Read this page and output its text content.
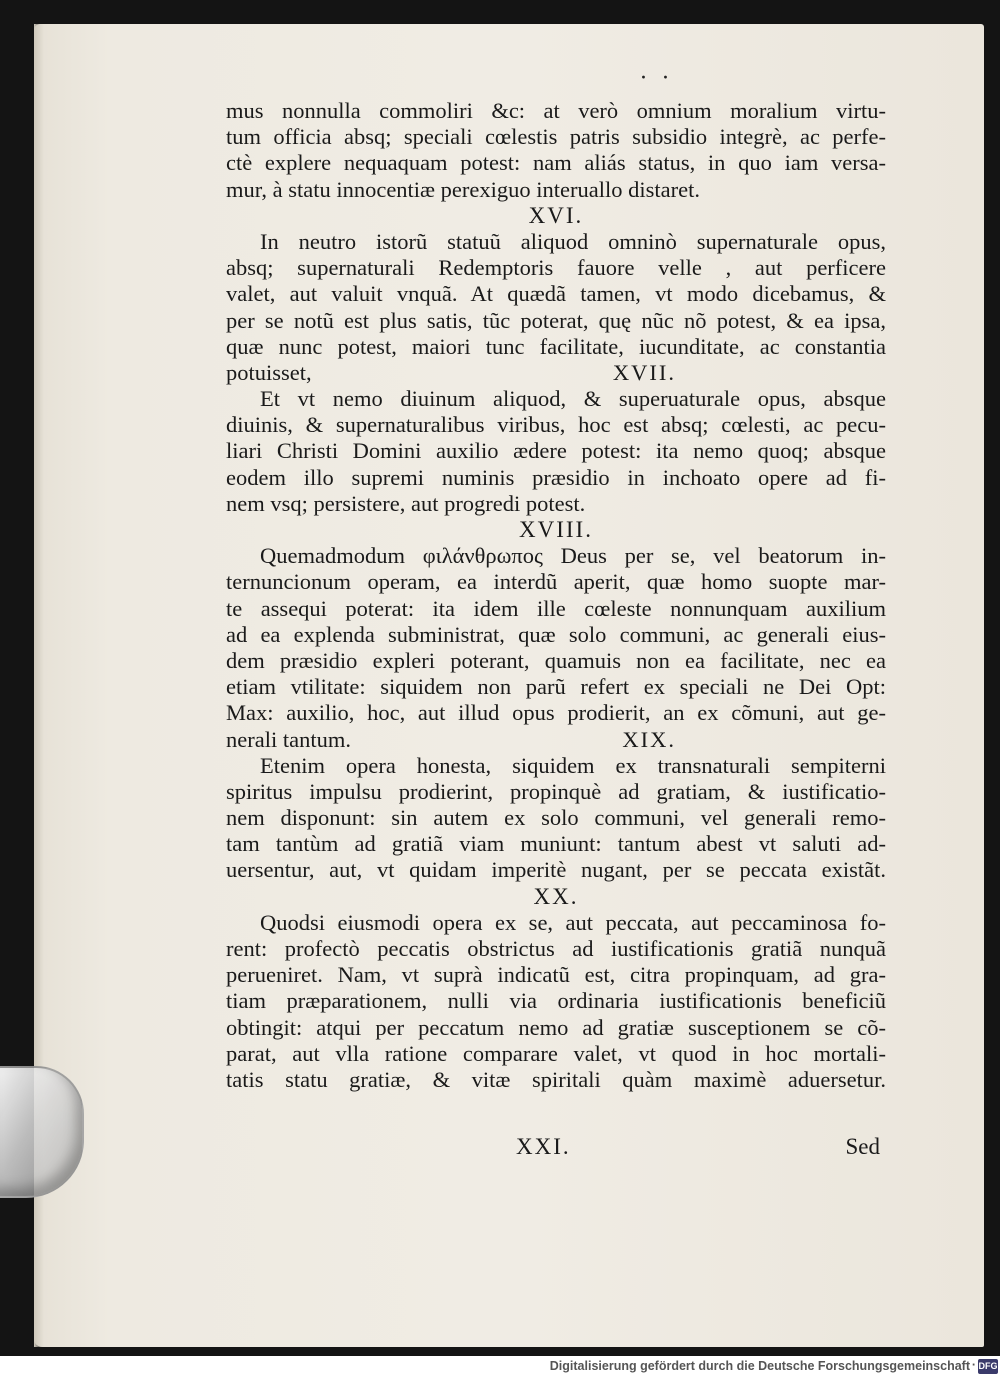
· ·
mus nonnulla commoliri &c: at verò omnium moralium virtu-
tum officia absq; speciali cœlestis patris subsidio integrè, ac perfe-
ctè explere nequaquam potest: nam aliás status, in quo iam versa-
mur, à statu innocentiæ perexiguo interuallo distaret.
XVI.
In neutro istorũ statuũ aliquod omninò supernaturale opus,
absq; supernaturali Redemptoris fauore velle , aut perficere
valet, aut valuit vnquã. At quædã tamen, vt modo dicebamus, &
per se notũ est plus satis, tũc poterat, quę nũc nõ potest, & ea ipsa,
quæ nunc potest, maiori tunc facilitate, iucunditate, ac constantia
potuisset,	XVII.
Et vt nemo diuinum aliquod, & superuaturale opus, absque
diuinis, & supernaturalibus viribus, hoc est absq; cœlesti, ac pecu-
liari Christi Domini auxilio ædere potest: ita nemo quoq; absque
eodem illo supremi numinis præsidio in inchoato opere ad fi-
nem vsq; persistere, aut progredi potest.
XVIII.
Quemadmodum φιλάνθρωπος Deus per se, vel beatorum in-
ternuncionum operam, ea interdũ aperit, quæ homo suopte mar-
te assequi poterat: ita idem ille cœleste nonnunquam auxilium
ad ea explenda subministrat, quæ solo communi, ac generali eius-
dem præsidio expleri poterant, quamuis non ea facilitate, nec ea
etiam vtilitate: siquidem non parũ refert ex speciali ne Dei Opt:
Max: auxilio, hoc, aut illud opus prodierit, an ex cõmuni, aut ge-
nerali tantum.	XIX.
Etenim opera honesta, siquidem ex transnaturali sempiterni
spiritus impulsu prodierint, propinquè ad gratiam, & iustificatio-
nem disponunt: sin autem ex solo communi, vel generali remo-
tam tantùm ad gratiã viam muniunt: tantum abest vt saluti ad-
uersentur, aut, vt quidam imperitè nugant, per se peccata existãt.
XX.
Quodsi eiusmodi opera ex se, aut peccata, aut peccaminosa fo-
rent: profectò peccatis obstrictus ad iustificationis gratiã nunquã
perueniret. Nam, vt suprà indicatũ est, citra propinquam, ad gra-
tiam præparationem, nulli via ordinaria iustificationis beneficiũ
obtingit: atqui per peccatum nemo ad gratiæ susceptionem se cõ-
parat, aut vlla ratione comparare valet, vt quod in hoc mortali-
tatis statu gratiæ, & vitæ spiritali quàm maximè aduersetur.
XXI.	Sed
Digitalisierung gefördert durch die Deutsche Forschungsgemeinschaft · DFG
